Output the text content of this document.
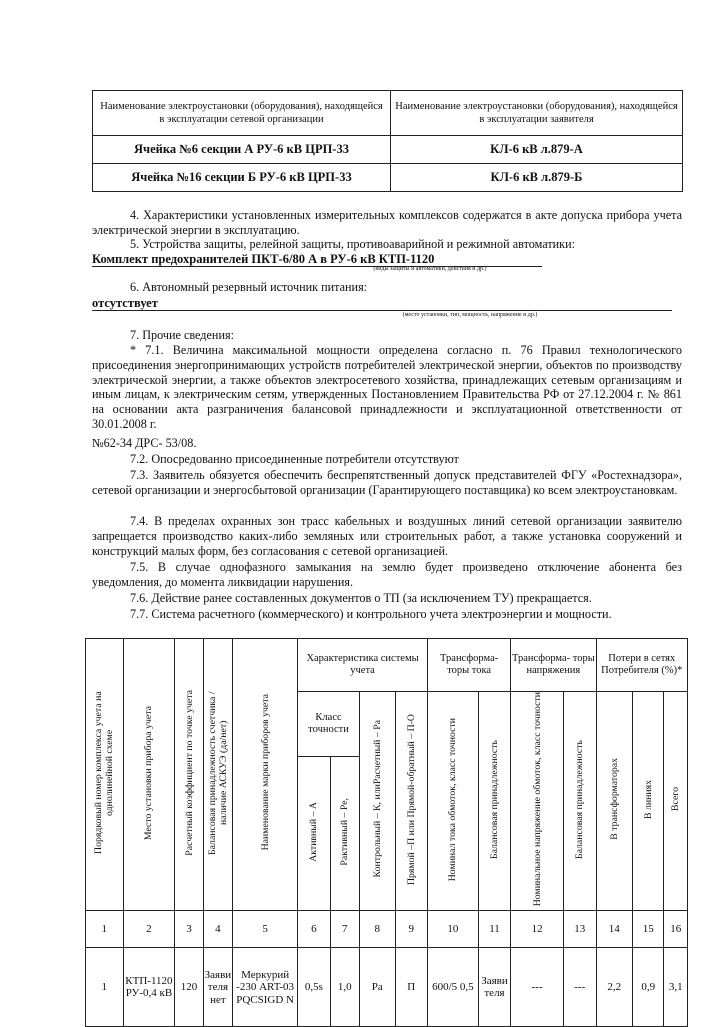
Наименование электроустановки (оборудования), находящейся в эксплуатации сетевой организации	Наименование электроустановки (оборудования), находящейся в эксплуатации заявителя
Ячейка №6 секции А РУ-6 кВ ЦРП-33	КЛ-6 кВ л.879-А
Ячейка №16 секции Б РУ-6 кВ ЦРП-33	КЛ-6 кВ л.879-Б
4. Характеристики установленных измерительных комплексов содержатся в акте допуска прибора учета электрической энергии в эксплуатацию.
5. Устройства защиты, релейной защиты, противоаварийной и режимной автоматики:
Комплект предохранителей ПКТ-6/80 А в РУ-6 кВ КТП-1120
(виды защиты и автоматики, действия и др.)
6. Автономный резервный источник питания:
отсутствует
(место установки, тип, мощность, напряжение и др.)
7. Прочие сведения:
* 7.1. Величина максимальной мощности определена согласно п. 76 Правил технологического присоединения энергопринимающих устройств потребителей электрической энергии, объектов по производству электрической энергии, а также объектов электросетевого хозяйства, принадлежащих сетевым организациям и иным лицам, к электрическим сетям, утвержденных Постановлением Правительства РФ от 27.12.2004 г. № 861 на основании акта разграничения балансовой принадлежности и эксплуатационной ответственности от 30.01.2008 г.
№62-34 ДРС- 53/08.
7.2. Опосредованно присоединенные потребители отсутствуют
7.3. Заявитель обязуется обеспечить беспрепятственный допуск представителей ФГУ «Ростехнадзора», сетевой организации и энергосбытовой организации (Гарантирующего поставщика) ко всем электроустановкам.
7.4. В пределах охранных зон трасс кабельных и воздушных линий сетевой организации заявителю запрещается производство каких-либо земляных или строительных работ, а также установка сооружений и конструкций малых форм, без согласования с сетевой организацией.
7.5. В случае однофазного замыкания на землю будет произведено отключение абонента без уведомления, до момента ликвидации нарушения.
7.6. Действие ранее составленных документов о ТП (за исключением ТУ) прекращается.
7.7. Система расчетного (коммерческого) и контрольного учета электроэнергии и мощности.
Порядковый номер комплекса учета на однолинейной схеме	Место установки прибора учета	Расчетный коэффициент по точке учета	Балансовая принадлежность счетчика / наличие АСКУЭ (да/нет)	Наименование марки приборов учета	Характеристика системы учета				Трансформа- торы тока		Трансформа- торы напряжения		Потери в сетях Потребителя (%)*		
					Класс точности		Контрольный – К, илиРасчетный – Ра	Прямой –П или Прямой-обратный – П-О	Номинал тока обмоток, класс точности	Балансовая принадлежность	Номинальное напряжение обмоток, класс точности	Балансовая принадлежность	В трансформаторах	В линиях	Всего
					Активный – А	Рактивный – Ре,									
1	2	3	4	5	6	7	8	9	10	11	12	13	14	15	16
1	КТП-1120 РУ-0,4 кВ	120	Заяви теля нет	Меркурий -230 ART-03 PQCSIGD N	0,5s	1,0	Ра	П	600/5 0,5	Заяви теля	---	---	2,2	0,9	3,1
